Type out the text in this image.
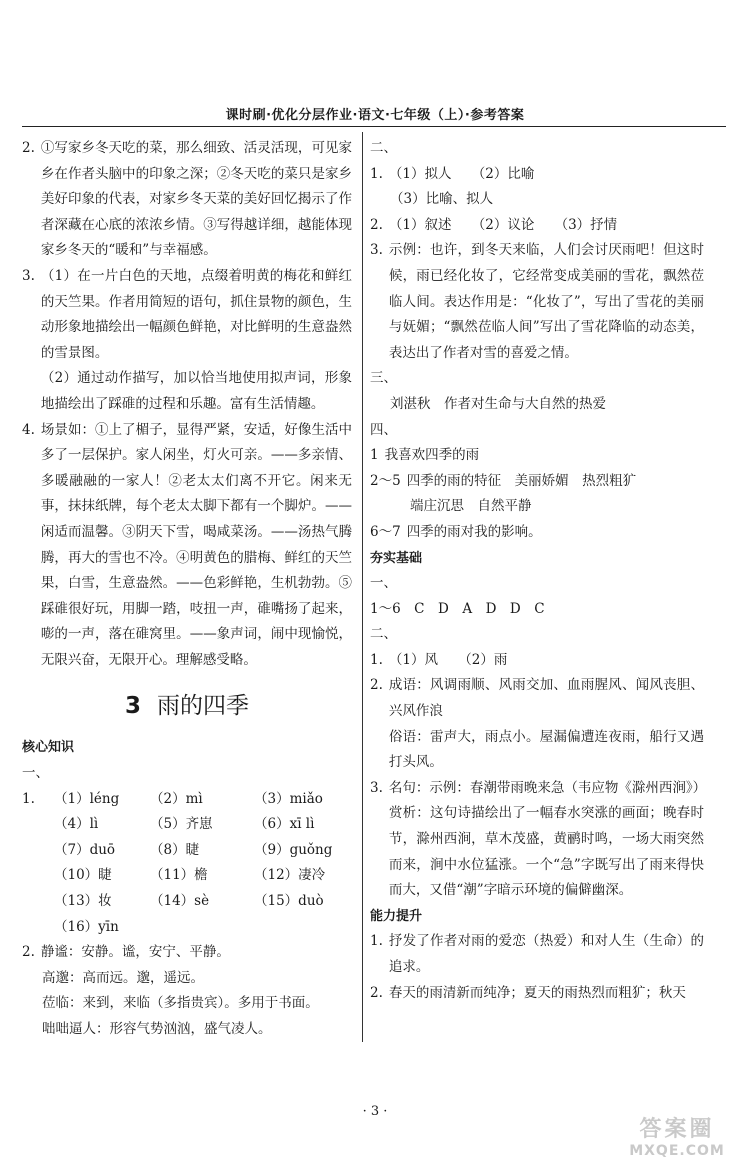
课时刷·优化分层作业·语文·七年级（上）·参考答案
2. ①写家乡冬天吃的菜，那么细致、活灵活现，可见家乡在作者头脑中的印象之深；②冬天吃的菜只是家乡美好印象的代表，对家乡冬天菜的美好回忆揭示了作者深藏在心底的浓浓乡情。③写得越详细，越能体现家乡冬天的“暖和”与幸福感。
3. （1）在一片白色的天地，点缀着明黄的梅花和鲜红的天竺果。作者用简短的语句，抓住景物的颜色，生动形象地描绘出一幅颜色鲜艳，对比鲜明的生意盎然的雪景图。
（2）通过动作描写，加以恰当地使用拟声词，形象地描绘出了踩碓的过程和乐趣。富有生活情趣。
4. 场景如：①上了楣子，显得严紧，安适，好像生活中多了一层保护。家人闲坐，灯火可亲。——多亲情、多暖融融的一家人！②老太太们离不开它。闲来无事，抹抹纸牌，每个老太太脚下都有一个脚炉。——闲适而温馨。③阴天下雪，喝咸菜汤。——汤热气腾腾，再大的雪也不冷。④明黄色的腊梅、鲜红的天竺果，白雪，生意盎然。——色彩鲜艳，生机勃勃。⑤踩碓很好玩，用脚一踏，吱扭一声，碓嘴扬了起来，嘭的一声，落在碓窝里。——象声词，闹中现愉悦，无限兴奋，无限开心。理解感受略。
3 雨的四季
核心知识
一、
1.	（1）léng	（2）mì	（3）miǎo
（4）lì	（5）齐崽	（6）xī lì
（7）duō	（8）睫	（9）guǒng
（10）睫	（11）檐	（12）凄冷
（13）妆	（14）sè	（15）duò
（16）yīn
2. 静谧：安静。谧，安宁、平静。
高邈：高而远。邈，遥远。
莅临：来到，来临（多指贵宾）。多用于书面。
咄咄逼人：形容气势汹汹，盛气凌人。
二、
1. （1）拟人　　（2）比喻
（3）比喻、拟人
2. （1）叙述　　（2）议论　　（3）抒情
3. 示例：也许，到冬天来临，人们会讨厌雨吧！但这时候，雨已经化妆了，它经常变成美丽的雪花，飘然莅临人间。表达作用是：“化妆了”，写出了雪花的美丽与妩媚；“飘然莅临人间”写出了雪花降临的动态美，表达出了作者对雪的喜爱之情。
三、
刘湛秋　作者对生命与大自然的热爱
四、
1 我喜欢四季的雨
2～5 四季的雨的特征　美丽娇媚　热烈粗犷
端庄沉思　自然平静
6～7 四季的雨对我的影响。
夯实基础
一、
1～6　C　D　A　D　D　C
二、
1. （1）风　　（2）雨
2. 成语：风调雨顺、风雨交加、血雨腥风、闻风丧胆、兴风作浪
俗语：雷声大，雨点小。屋漏偏遭连夜雨，船行又遇打头风。
3. 名句：示例：春潮带雨晚来急（韦应物《滁州西涧》）
赏析：这句诗描绘出了一幅春水突涨的画面；晚春时节，滁州西涧，草木茂盛，黄鹂时鸣，一场大雨突然而来，涧中水位猛涨。一个“急”字既写出了雨来得快而大，又借“潮”字暗示环境的偏僻幽深。
能力提升
1. 抒发了作者对雨的爱恋（热爱）和对人生（生命）的追求。
2. 春天的雨清新而纯净；夏天的雨热烈而粗犷；秋天
· 3 ·
答案圈
MXQE.COM
